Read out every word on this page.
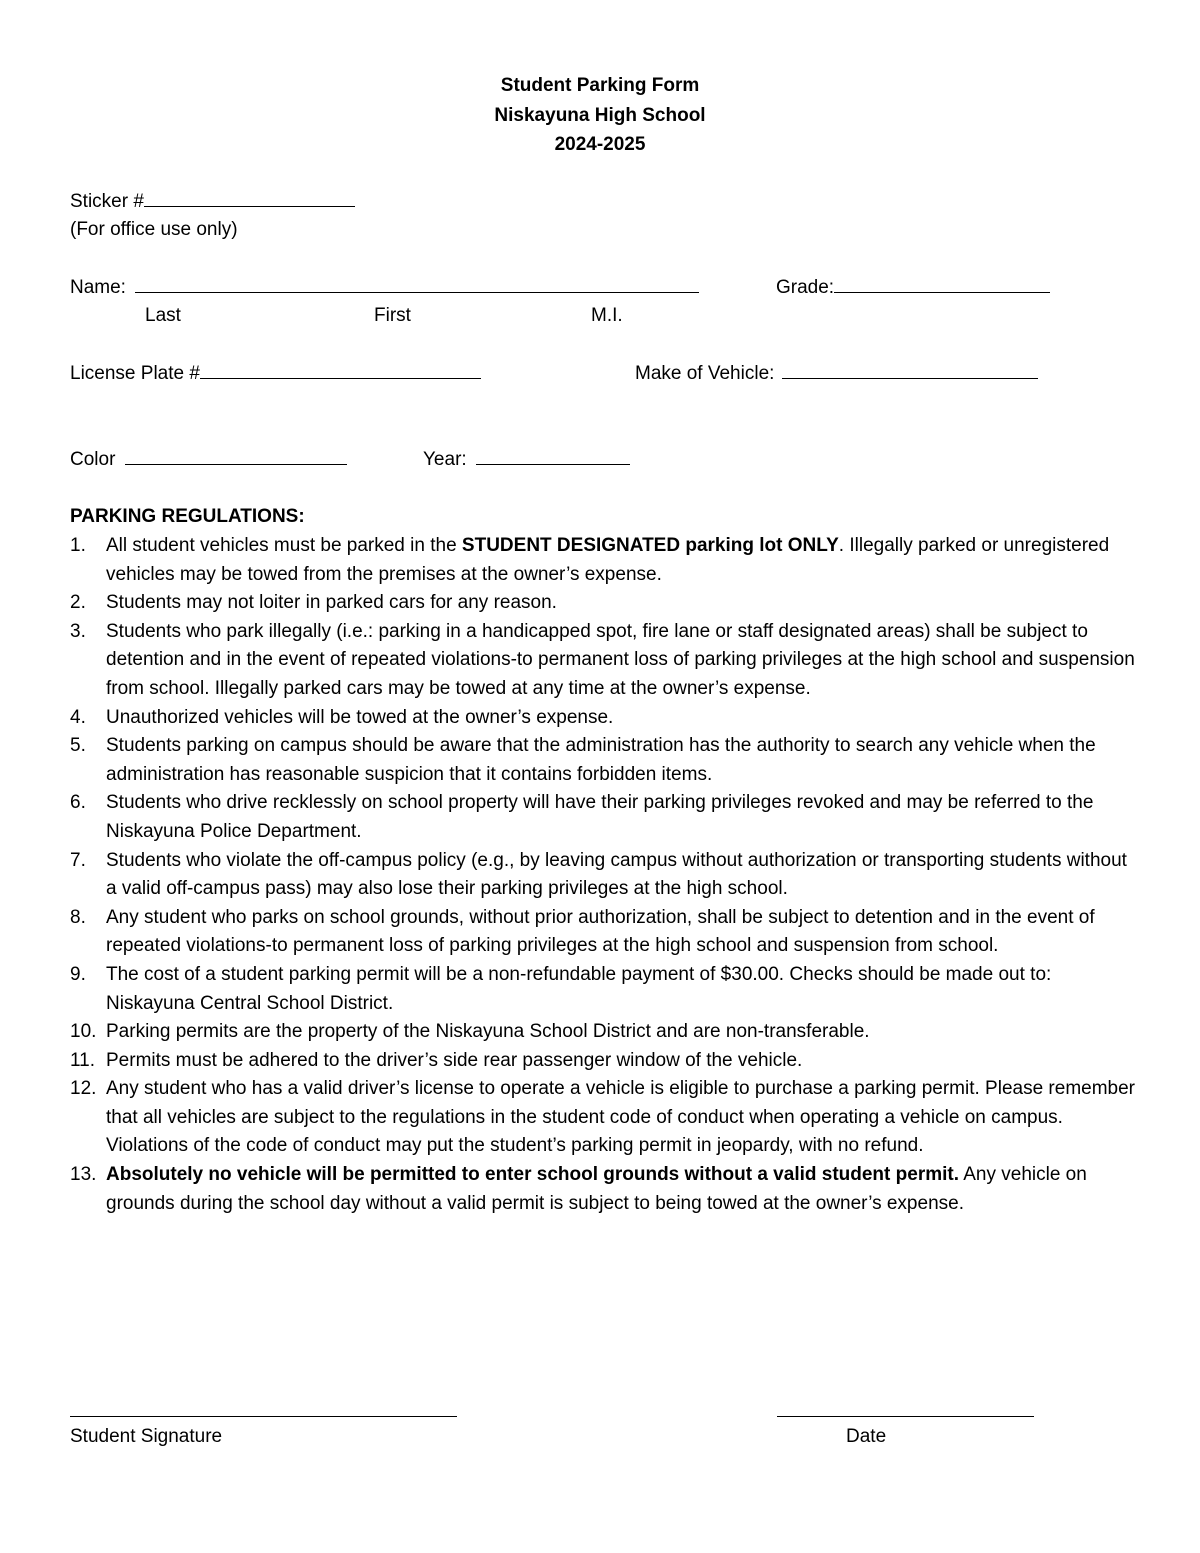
Student Parking Form
Niskayuna High School
2024-2025
Sticker #
(For office use only)
Name:
Last	First	M.I.
Grade:
License Plate #	Make of Vehicle:
Color	Year:
PARKING REGULATIONS:
1. All student vehicles must be parked in the STUDENT DESIGNATED parking lot ONLY. Illegally parked or unregistered vehicles may be towed from the premises at the owner’s expense.
2. Students may not loiter in parked cars for any reason.
3. Students who park illegally (i.e.: parking in a handicapped spot, fire lane or staff designated areas) shall be subject to detention and in the event of repeated violations-to permanent loss of parking privileges at the high school and suspension from school. Illegally parked cars may be towed at any time at the owner’s expense.
4. Unauthorized vehicles will be towed at the owner’s expense.
5. Students parking on campus should be aware that the administration has the authority to search any vehicle when the administration has reasonable suspicion that it contains forbidden items.
6. Students who drive recklessly on school property will have their parking privileges revoked and may be referred to the Niskayuna Police Department.
7. Students who violate the off-campus policy (e.g., by leaving campus without authorization or transporting students without a valid off-campus pass) may also lose their parking privileges at the high school.
8. Any student who parks on school grounds, without prior authorization, shall be subject to detention and in the event of repeated violations-to permanent loss of parking privileges at the high school and suspension from school.
9. The cost of a student parking permit will be a non-refundable payment of $30.00. Checks should be made out to: Niskayuna Central School District.
10. Parking permits are the property of the Niskayuna School District and are non-transferable.
11. Permits must be adhered to the driver’s side rear passenger window of the vehicle.
12. Any student who has a valid driver’s license to operate a vehicle is eligible to purchase a parking permit. Please remember that all vehicles are subject to the regulations in the student code of conduct when operating a vehicle on campus. Violations of the code of conduct may put the student’s parking permit in jeopardy, with no refund.
13. Absolutely no vehicle will be permitted to enter school grounds without a valid student permit. Any vehicle on grounds during the school day without a valid permit is subject to being towed at the owner’s expense.
Student Signature	Date
